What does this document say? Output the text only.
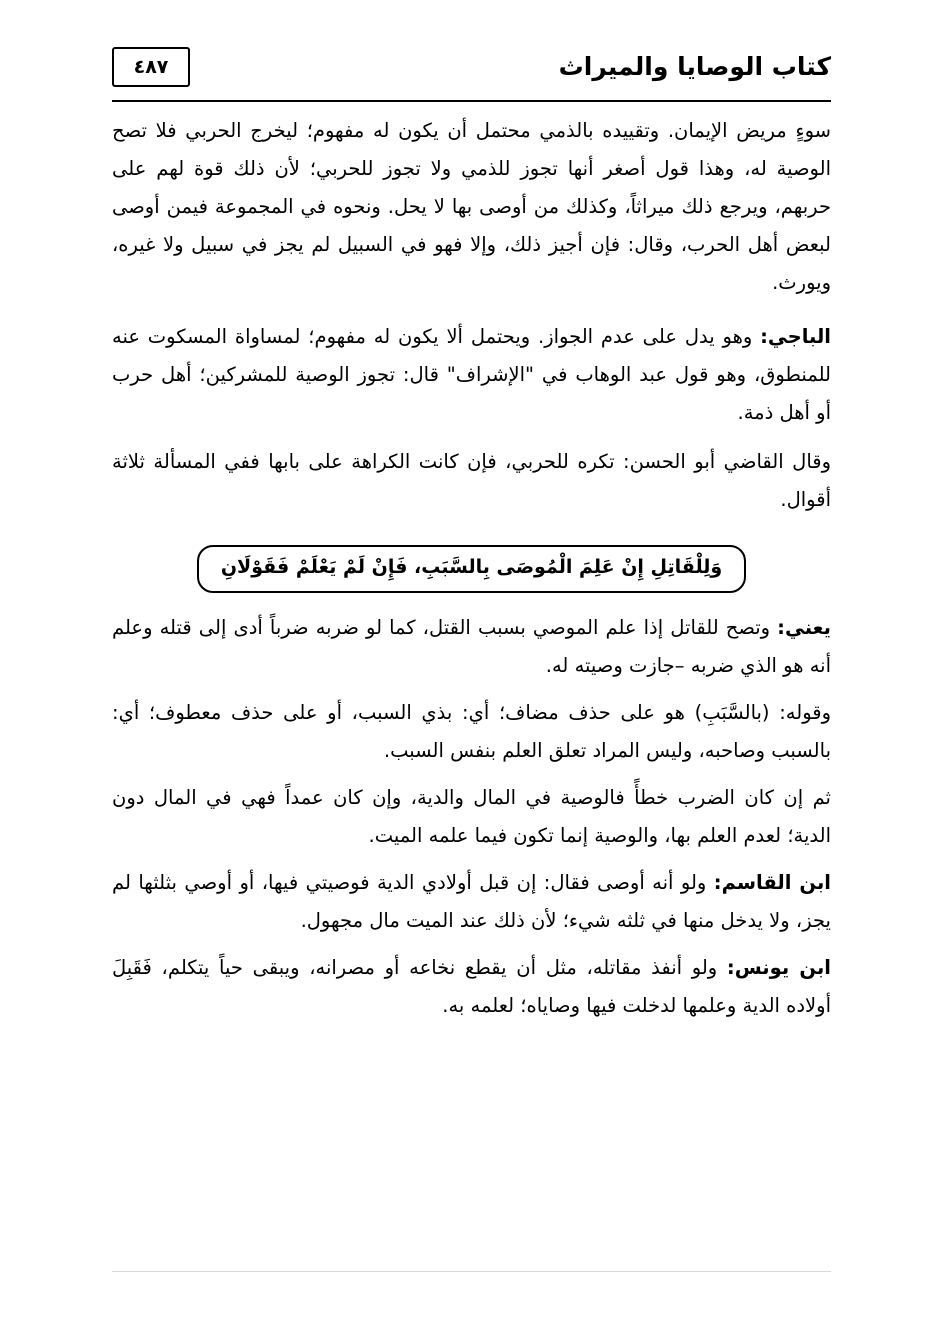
كتاب الوصايا والميراث
٤٨٧

سوءٍ مريض الإيمان. وتقييده بالذمي محتمل أن يكون له مفهوم؛ ليخرج الحربي فلا تصح الوصية له، وهذا قول أصغر أنها تجوز للذمي ولا تجوز للحربي؛ لأن ذلك قوة لهم على حربهم، ويرجع ذلك ميراثاً، وكذلك من أوصى بها لا يحل. ونحوه في المجموعة فيمن أوصى لبعض أهل الحرب، وقال: فإن أجيز ذلك، وإلا فهو في السبيل لم يجز في سبيل ولا غيره، ويورث.

الباجي: وهو يدل على عدم الجواز. ويحتمل ألا يكون له مفهوم؛ لمساواة المسكوت عنه للمنطوق، وهو قول عبد الوهاب في "الإشراف" قال: تجوز الوصية للمشركين؛ أهل حرب أو أهل ذمة.

وقال القاضي أبو الحسن: تكره للحربي، فإن كانت الكراهة على بابها ففي المسألة ثلاثة أقوال.

وَلِلْقَاتِلِ إِنْ عَلِمَ الْمُوصَى بِالسَّبَبِ، فَإِنْ لَمْ يَعْلَمْ فَقَوْلَانِ

يعني: وتصح للقاتل إذا علم الموصي بسبب القتل، كما لو ضربه ضرباً أدى إلى قتله وعلم أنه هو الذي ضربه –جازت وصيته له.

وقوله: (بالسَّبَبِ) هو على حذف مضاف؛ أي: بذي السبب، أو على حذف معطوف؛ أي: بالسبب وصاحبه، وليس المراد تعلق العلم بنفس السبب.

ثم إن كان الضرب خطأً فالوصية في المال والدية، وإن كان عمداً فهي في المال دون الدية؛ لعدم العلم بها، والوصية إنما تكون فيما علمه الميت.

ابن القاسم: ولو أنه أوصى فقال: إن قبل أولادي الدية فوصيتي فيها، أو أوصي بثلثها لم يجز، ولا يدخل منها في ثلثه شيء؛ لأن ذلك عند الميت مال مجهول.

ابن يونس: ولو أنفذ مقاتله، مثل أن يقطع نخاعه أو مصرانه، ويبقى حياً يتكلم، فَقَبِلَ أولاده الدية وعلمها لدخلت فيها وصاياه؛ لعلمه به.
